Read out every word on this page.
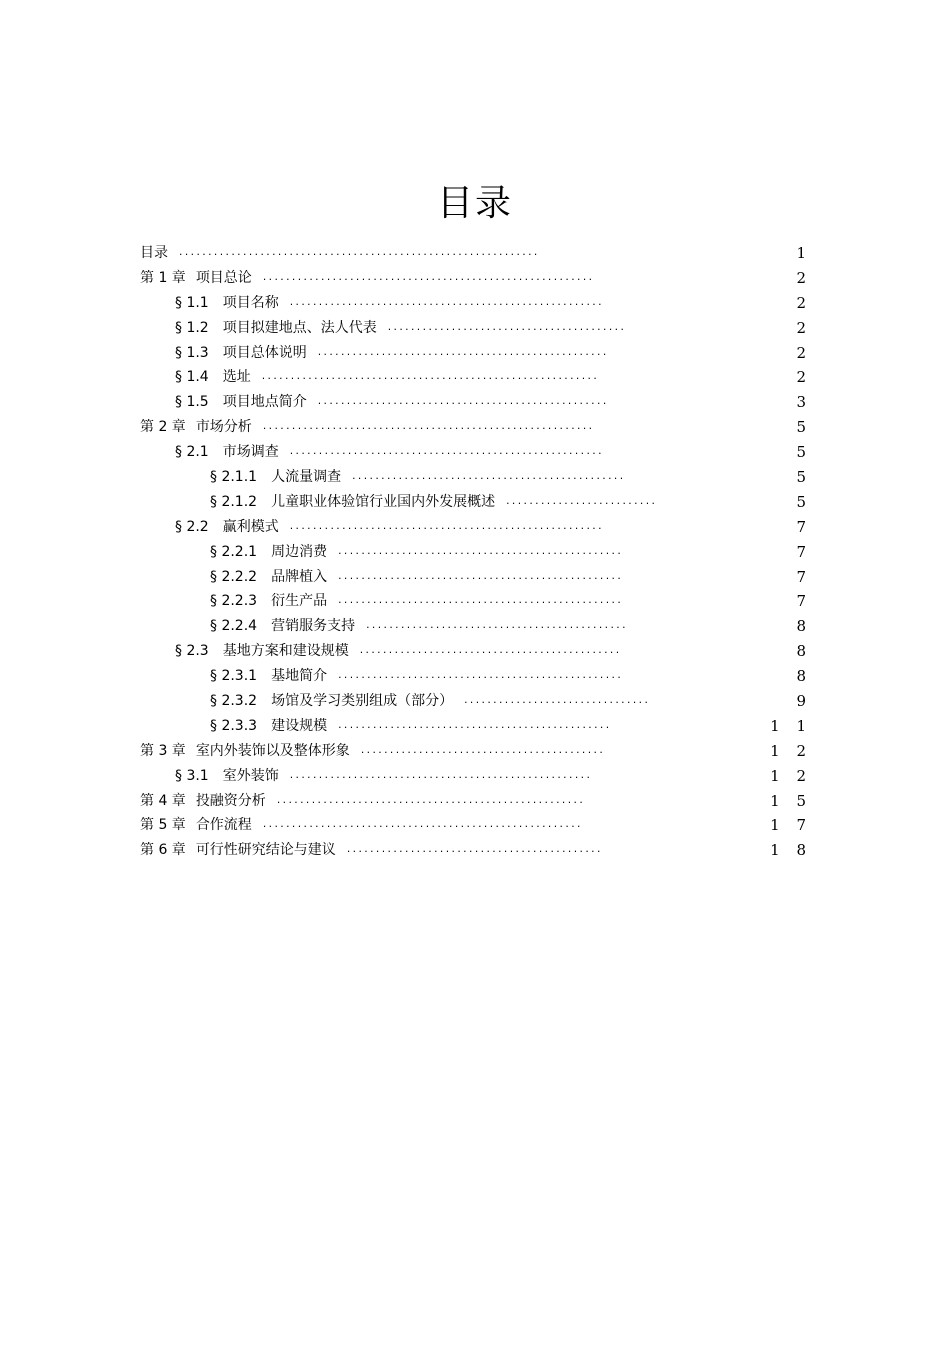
目录
目录 ..............................................................	1
第 1 章 项目总论 .........................................................	2
§ 1.1 项目名称 ......................................................	2
§ 1.2 项目拟建地点、法人代表 .........................................	2
§ 1.3 项目总体说明 ..................................................	2
§ 1.4 选址 ..........................................................	2
§ 1.5 项目地点简介 ..................................................	3
第 2 章 市场分析 .........................................................	5
§ 2.1 市场调查 ......................................................	5
§ 2.1.1 人流量调查 ...............................................	5
§ 2.1.2 儿童职业体验馆行业国内外发展概述 ..........................	5
§ 2.2 赢利模式 ......................................................	7
§ 2.2.1 周边消费 .................................................	7
§ 2.2.2 品牌植入 .................................................	7
§ 2.2.3 衍生产品 .................................................	7
§ 2.2.4 营销服务支持 .............................................	8
§ 2.3 基地方案和建设规模 .............................................	8
§ 2.3.1 基地简介 .................................................	8
§ 2.3.2 场馆及学习类别组成（部分） ................................	9
§ 2.3.3 建设规模 ...............................................	1 1
第 3 章 室内外装饰以及整体形象 ..........................................	1 2
§ 3.1 室外装饰 ....................................................	1 2
第 4 章 投融资分析 .....................................................	1 5
第 5 章 合作流程 .......................................................	1 7
第 6 章 可行性研究结论与建议 ............................................	1 8
